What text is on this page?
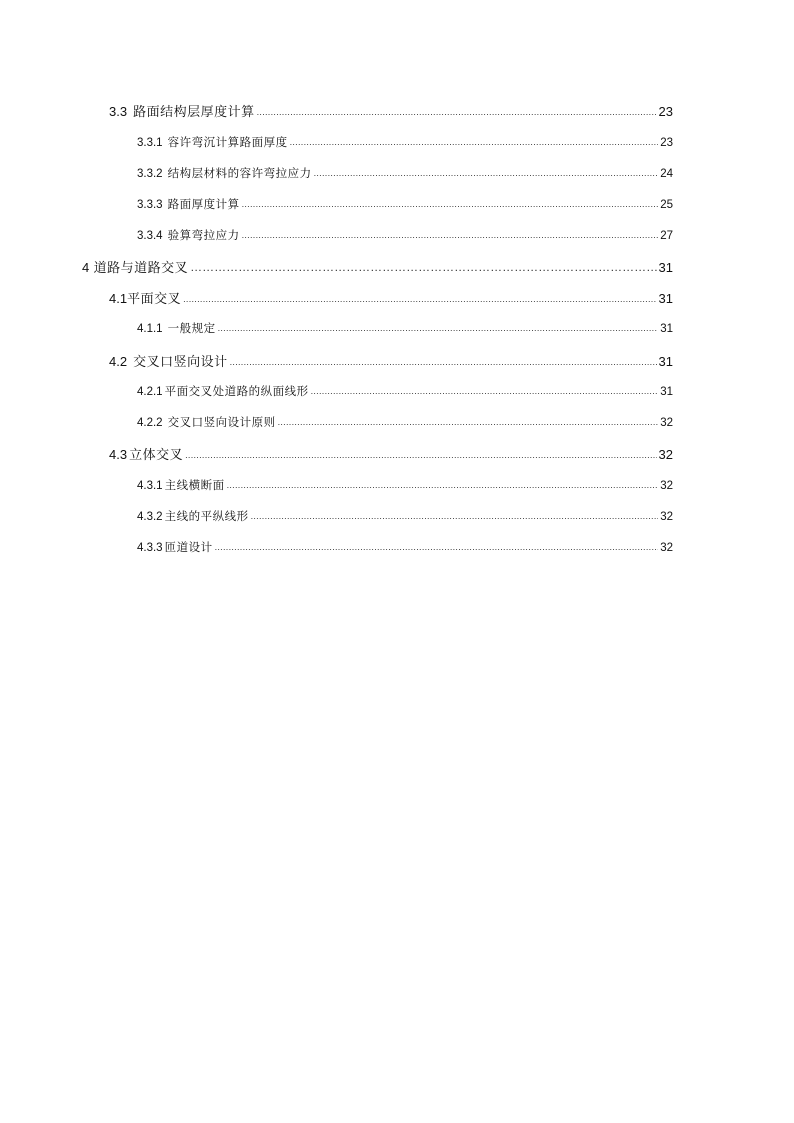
3.3 路面结构层厚度计算 .....	23
3.3.1 容许弯沉计算路面厚度 .....	23
3.3.2 结构层材料的容许弯拉应力 .....	24
3.3.3 路面厚度计算 .....	25
3.3.4 验算弯拉应力 .....	27
4 道路与道路交叉 ……………………………………………………………………………………………………………………………………………………………………………………………………………………	31
4.1 平面交叉 .....	31
4.1.1 一般规定 .....	31
4.2 交叉口竖向设计 .....	31
4.2.1 平面交叉处道路的纵面线形 .....	31
4.2.2 交叉口竖向设计原则 .....	32
4.3 立体交叉 .....	32
4.3.1 主线横断面 .....	32
4.3.2 主线的平纵线形 .....	32
4.3.3 匝道设计 .....	32
